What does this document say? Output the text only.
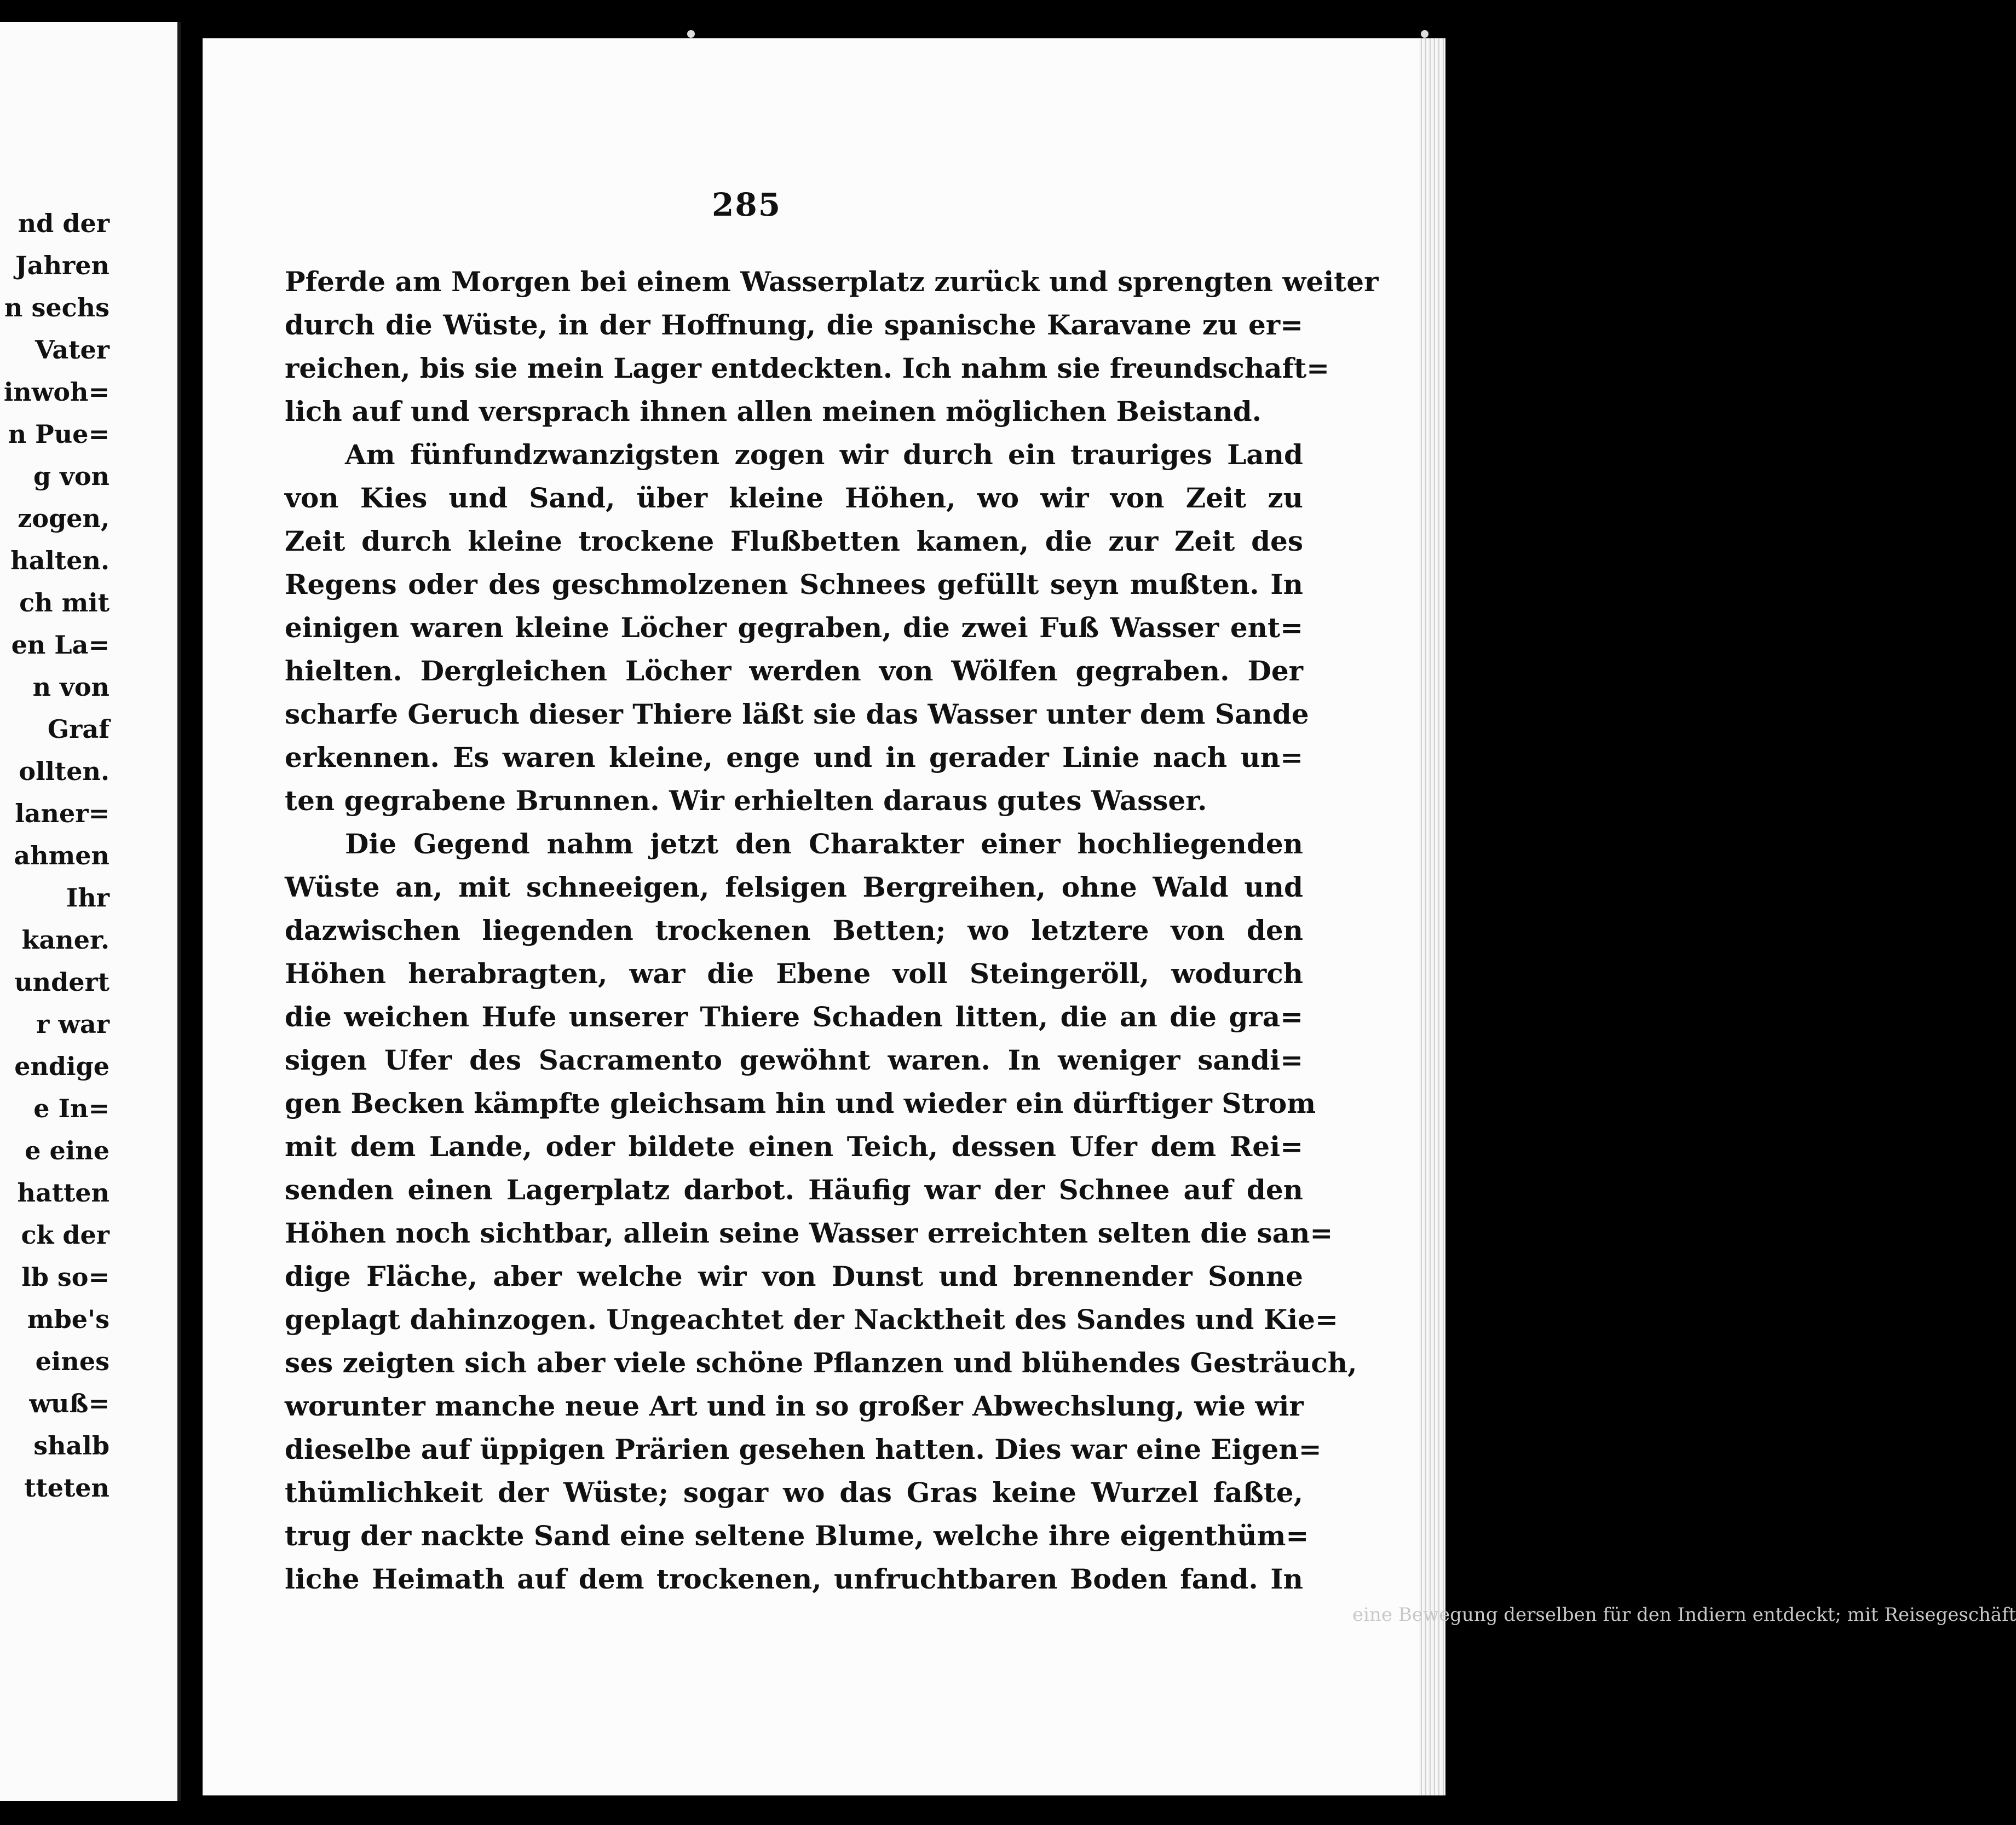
nd der
Jahren
n sechs
Vater
inwoh=
n Pue=
g von
zogen,
halten.
ch mit
en La=
n von
Graf
ollten.
laner=
ahmen
Ihr
kaner.
undert
r war
endige
e In=
e eine
hatten
ck der
lb so=
mbe's
eines
wuß=
shalb
tteten
285
Pferde am Morgen bei einem Wasserplatz zurück und sprengten weiter
durch die Wüste, in der Hoffnung, die spanische Karavane zu er=
reichen, bis sie mein Lager entdeckten. Ich nahm sie freundschaft=
lich auf und versprach ihnen allen meinen möglichen Beistand.
Am fünfundzwanzigsten zogen wir durch ein trauriges Land
von Kies und Sand, über kleine Höhen, wo wir von Zeit zu
Zeit durch kleine trockene Flußbetten kamen, die zur Zeit des
Regens oder des geschmolzenen Schnees gefüllt seyn mußten. In
einigen waren kleine Löcher gegraben, die zwei Fuß Wasser ent=
hielten. Dergleichen Löcher werden von Wölfen gegraben. Der
scharfe Geruch dieser Thiere läßt sie das Wasser unter dem Sande
erkennen. Es waren kleine, enge und in gerader Linie nach un=
ten gegrabene Brunnen. Wir erhielten daraus gutes Wasser.
Die Gegend nahm jetzt den Charakter einer hochliegenden
Wüste an, mit schneeigen, felsigen Bergreihen, ohne Wald und
dazwischen liegenden trockenen Betten; wo letztere von den
Höhen herabragten, war die Ebene voll Steingeröll, wodurch
die weichen Hufe unserer Thiere Schaden litten, die an die gra=
sigen Ufer des Sacramento gewöhnt waren. In weniger sandi=
gen Becken kämpfte gleichsam hin und wieder ein dürftiger Strom
mit dem Lande, oder bildete einen Teich, dessen Ufer dem Rei=
senden einen Lagerplatz darbot. Häufig war der Schnee auf den
Höhen noch sichtbar, allein seine Wasser erreichten selten die san=
dige Fläche, aber welche wir von Dunst und brennender Sonne
geplagt dahinzogen. Ungeachtet der Nacktheit des Sandes und Kie=
ses zeigten sich aber viele schöne Pflanzen und blühendes Gesträuch,
worunter manche neue Art und in so großer Abwechslung, wie wir
dieselbe auf üppigen Prärien gesehen hatten. Dies war eine Eigen=
thümlichkeit der Wüste; sogar wo das Gras keine Wurzel faßte,
trug der nackte Sand eine seltene Blume, welche ihre eigenthüm=
liche Heimath auf dem trockenen, unfruchtbaren Boden fand. In
eine Bewegung derselben für den Indiern entdeckt; mit Reisegeschäft
